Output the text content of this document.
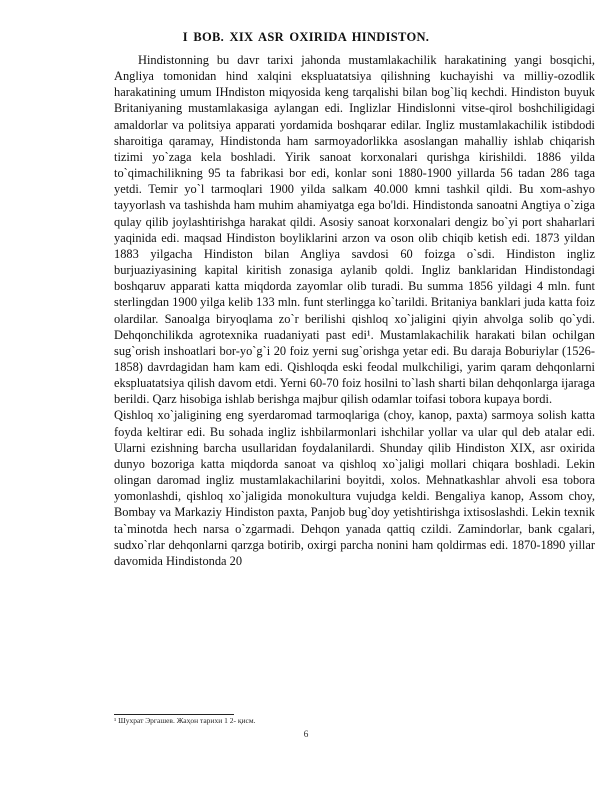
I BOB. XIX ASR OXIRIDA HINDISTON.

Hindistonning bu davr tarixi jahonda mustamlakachilik harakatining yangi bosqichi, Angliya tomonidan hind xalqini ekspluatatsiya qilishning kuchayishi va milliy-ozodlik harakatining umum IHndiston miqyosida keng tarqalishi bilan bog`liq kechdi. Hindiston buyuk Britaniyaning mustamlakasiga aylangan edi. Inglizlar Hindislonni vitse-qirol boshchiligidagi amaldorlar va politsiya apparati yordamida boshqarar edilar. Ingliz mustamlakachilik istibdodi sharoitiga qaramay, Hindistonda ham sarmoyadorlikka asoslangan mahalliy ishlab chiqarish tizimi yo`zaga kela boshladi. Yirik sanoat korxonalari qurishga kirishildi. 1886 yilda to`qimachilikning 95 ta fabrikasi bor edi, konlar soni 1880-1900 yillarda 56 tadan 286 taga yetdi. Temir yo`l tarmoqlari 1900 yilda salkam 40.000 kmni tashkil qildi. Bu xom-ashyo tayyorlash va tashishda ham muhim ahamiyatga ega bo'ldi. Hindistonda sanoatni Angtiya o`ziga qulay qilib joylashtirishga harakat qildi. Asosiy sanoat korxonalari dengiz bo`yi port shaharlari yaqinida edi. maqsad Hindiston boyliklarini arzon va oson olib chiqib ketish edi. 1873 yildan 1883 yilgacha Hindiston bilan Angliya savdosi 60 foizga o`sdi. Hindiston ingliz burjuaziyasining kapital kiritish zonasiga aylanib qoldi. Ingliz banklaridan Hindistondagi boshqaruv apparati katta miqdorda zayomlar olib turadi. Bu summa 1856 yildagi 4 mln. funt sterlingdan 1900 yilga kelib 133 mln. funt sterlingga ko`tarildi. Britaniya banklari juda katta foiz olardilar. Sanoalga biryoqlama zo`r berilishi qishloq xo`jaligini qiyin ahvolga solib qo`ydi. Dehqonchilikda agrotexnika ruadaniyati past edi¹. Mustamlakachilik harakati bilan ochilgan sug`orish inshoatlari bor-yo`g`i 20 foiz yerni sug`orishga yetar edi. Bu daraja Boburiylar (1526-1858) davrdagidan ham kam edi. Qishloqda eski feodal mulkchiligi, yarim qaram dehqonlarni ekspluatatsiya qilish davom etdi. Yerni 60-70 foiz hosilni to`lash sharti bilan dehqonlarga ijaraga berildi. Qarz hisobiga ishlab berishga majbur qilish odamlar toifasi tobora kupaya bordi.

Qishloq xo`jaligining eng syerdaromad tarmoqlariga (choy, kanop, paxta) sarmoya solish katta foyda keltirar edi. Bu sohada ingliz ishbilarmonlari ishchilar yollar va ular qul deb atalar edi. Ularni ezishning barcha usullaridan foydalanilardi. Shunday qilib Hindiston XIX, asr oxirida dunyo bozoriga katta miqdorda sanoat va qishloq xo`jaligi mollari chiqara boshladi. Lekin olingan daromad ingliz mustamlakachilarini boyitdi, xolos. Mehnatkashlar ahvoli esa tobora yomonlashdi, qishloq xo`jaligida monokultura vujudga keldi. Bengaliya kanop, Assom choy, Bombay va Markaziy Hindiston paxta, Panjob bug`doy yetishtirishga ixtisoslashdi. Lekin texnik ta`minotda hech narsa o`zgarmadi. Dehqon yanada qattiq czildi. Zamindorlar, bank cgalari, sudxo`rlar dehqonlarni qarzga botirib, oxirgi parcha nonini ham qoldirmas edi. 1870-1890 yillar davomida Hindistonda 20

¹ Шухрат Эргашев. Жаҳон тарихи 1 2- қисм.
6
